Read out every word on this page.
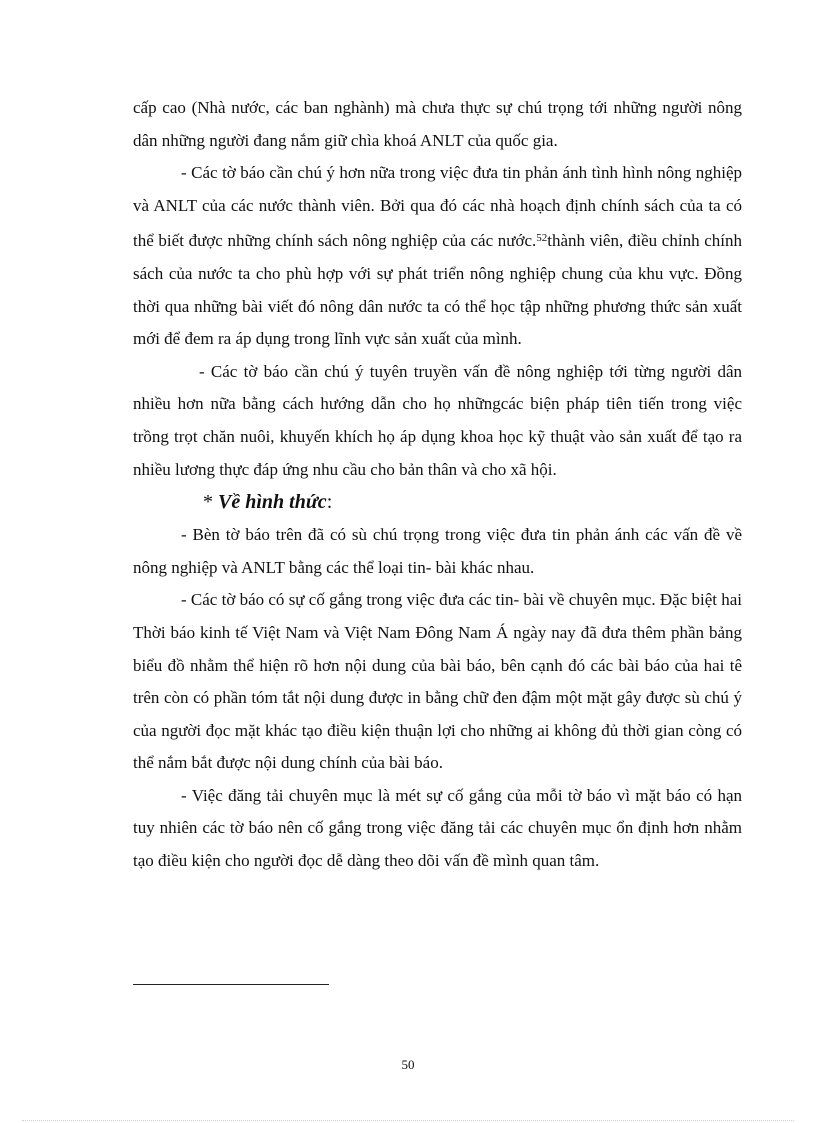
cấp cao (Nhà nước, các ban nghành) mà chưa thực sự chú trọng tới những người nông dân những người đang nắm giữ chìa khoá ANLT của quốc gia.

- Các tờ báo cần chú ý hơn nữa trong việc đưa tin phản ánh tình hình nông nghiệp và ANLT của các nước thành viên. Bởi qua đó các nhà hoạch định chính sách của ta có thể biết được những chính sách nông nghiệp của các nước.$^{52}$thành viên, điều chỉnh chính sách của nước ta cho phù hợp với sự phát triển nông nghiệp chung của khu vực. Đồng thời qua những bài viết đó nông dân nước ta có thể học tập những phương thức sản xuất mới để đem ra áp dụng trong lĩnh vực sản xuất của mình.

- Các tờ báo cần chú ý tuyên truyền vấn đề nông nghiệp tới từng người dân nhiều hơn nữa bằng cách hướng dẫn cho họ nhữngcác biện pháp tiên tiến trong việc trồng trọt chăn nuôi, khuyến khích họ áp dụng khoa học kỹ thuật vào sản xuất để tạo ra nhiều lương thực đáp ứng nhu cầu cho bản thân và cho xã hội.

* Về hình thức:

- Bèn tờ báo trên đã có sù chú trọng trong việc đưa tin phản ánh các vấn đề về nông nghiệp và ANLT bằng các thể loại tin- bài khác nhau.

- Các tờ báo có sự cố gắng trong việc đưa các tin- bài về chuyên mục. Đặc biệt hai Thời báo kinh tế Việt Nam và Việt Nam Đông Nam Á ngày nay đã đưa thêm phần bảng biểu đồ nhằm thể hiện rõ hơn nội dung của bài báo, bên cạnh đó các bài báo của hai tê trên còn có phần tóm tắt nội dung được in bằng chữ đen đậm một mặt gây được sù chú ý của người đọc mặt khác tạo điều kiện thuận lợi cho những ai không đủ thời gian còng có thể nắm bắt được nội dung chính của bài báo.

- Việc đăng tải chuyên mục là mét sự cố gắng của mỗi tờ báo vì mặt báo có hạn tuy nhiên các tờ báo nên cố gắng trong việc đăng tải các chuyên mục ổn định hơn nhằm tạo điều kiện cho người đọc dễ dàng theo dõi vấn đề mình quan tâm.

50
